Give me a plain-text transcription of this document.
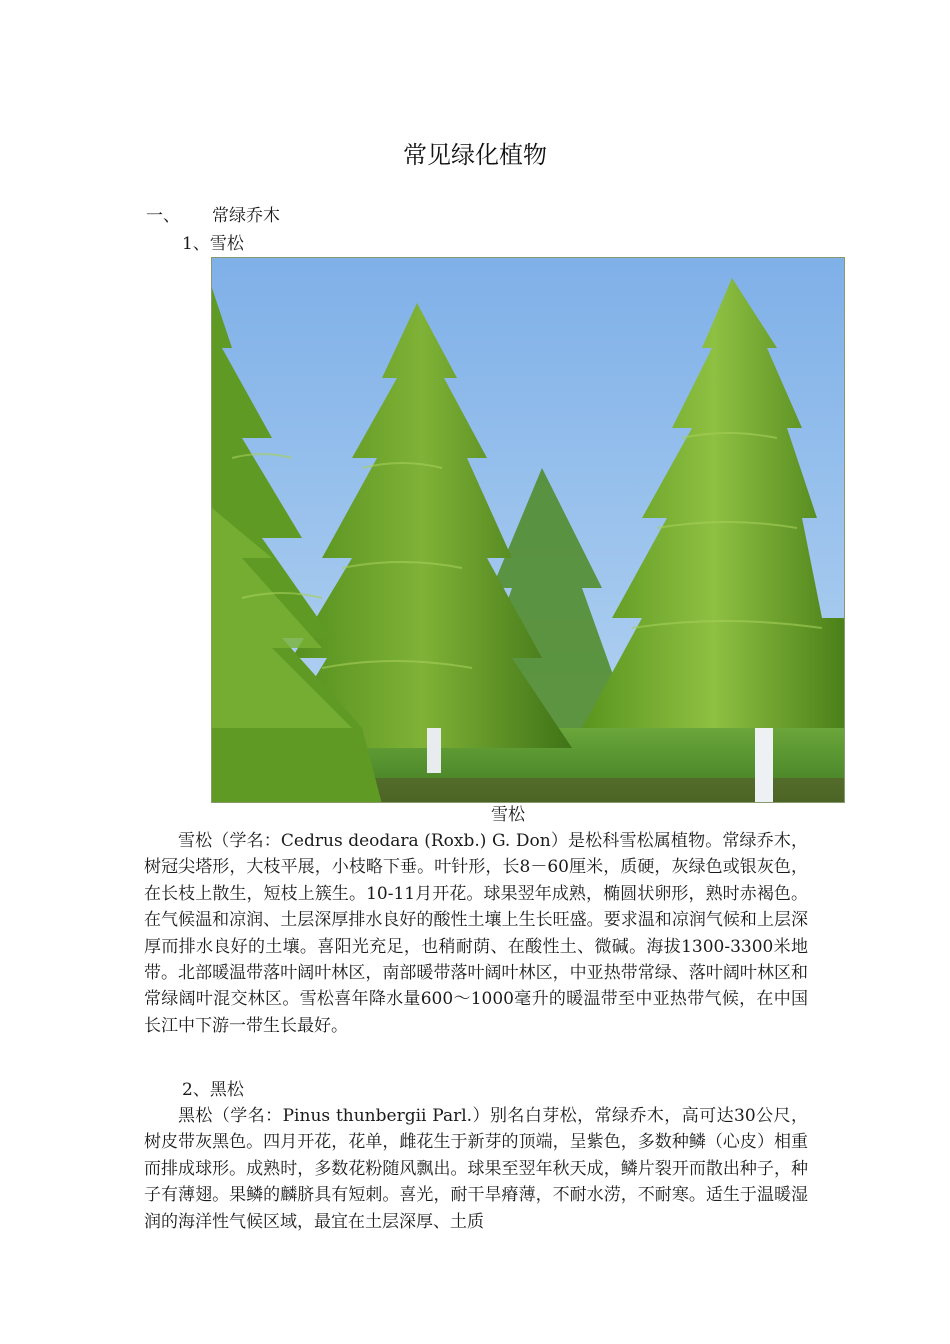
常见绿化植物
一、 常绿乔木
1、雪松
雪松
雪松（学名：Cedrus deodara (Roxb.) G. Don）是松科雪松属植物。常绿乔木，树冠尖塔形，大枝平展，小枝略下垂。叶针形，长8－60厘米，质硬，灰绿色或银灰色，在长枝上散生，短枝上簇生。10-11月开花。球果翌年成熟，椭圆状卵形，熟时赤褐色。在气候温和凉润、土层深厚排水良好的酸性土壤上生长旺盛。要求温和凉润气候和上层深厚而排水良好的土壤。喜阳光充足，也稍耐荫、在酸性土、微碱。海拔1300-3300米地带。北部暖温带落叶阔叶林区，南部暖带落叶阔叶林区，中亚热带常绿、落叶阔叶林区和常绿阔叶混交林区。雪松喜年降水量600～1000毫升的暖温带至中亚热带气候，在中国长江中下游一带生长最好。
2、黑松
黑松（学名：Pinus thunbergii Parl.）别名白芽松，常绿乔木，高可达30公尺，树皮带灰黑色。四月开花，花单，雌花生于新芽的顶端，呈紫色，多数种鳞（心皮）相重而排成球形。成熟时，多数花粉随风飘出。球果至翌年秋天成，鳞片裂开而散出种子，种子有薄翅。果鳞的麟脐具有短刺。喜光，耐干旱瘠薄，不耐水涝，不耐寒。适生于温暖湿润的海洋性气候区域，最宜在土层深厚、土质
